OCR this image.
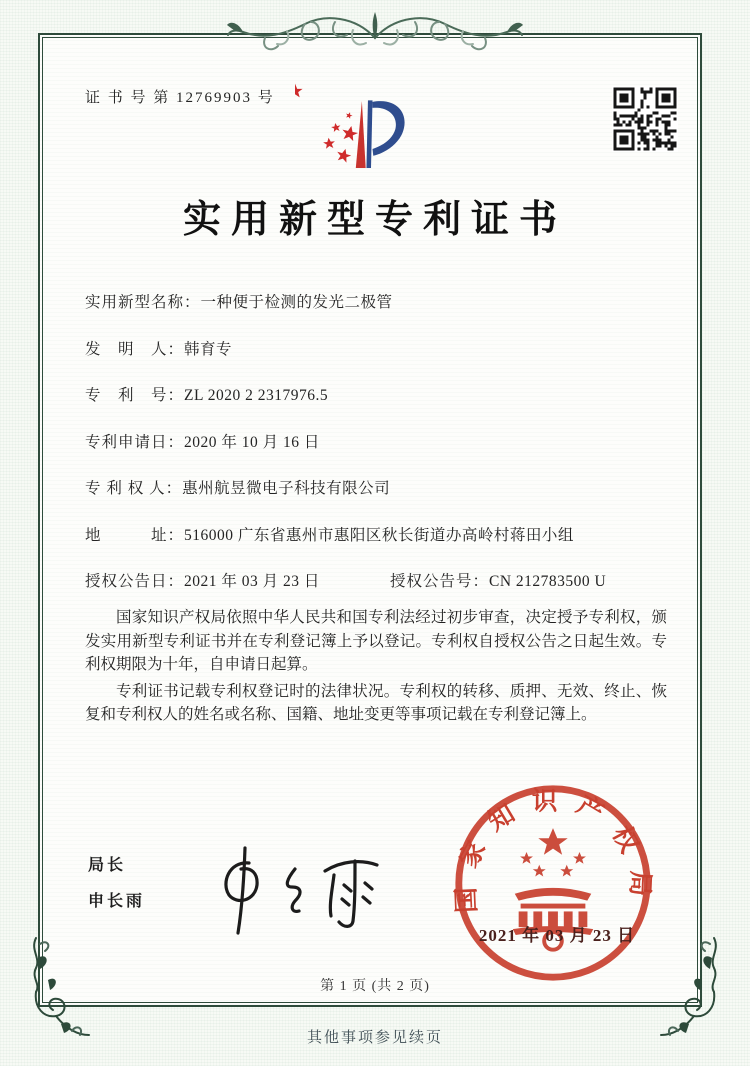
证 书 号 第 12769903 号
实用新型专利证书
实用新型名称：一种便于检测的发光二极管
发　明　人：韩育专
专　利　号：ZL 2020 2 2317976.5
专利申请日：2020 年 10 月 16 日
专 利 权 人：惠州航昱微电子科技有限公司
地　　　址：516000 广东省惠州市惠阳区秋长街道办高岭村蒋田小组
授权公告日：2021 年 03 月 23 日	授权公告号：CN 212783500 U

国家知识产权局依照中华人民共和国专利法经过初步审查，决定授予专利权，颁发实用新型专利证书并在专利登记簿上予以登记。专利权自授权公告之日起生效。专利权期限为十年，自申请日起算。

专利证书记载专利权登记时的法律状况。专利权的转移、质押、无效、终止、恢复和专利权人的姓名或名称、国籍、地址变更等事项记载在专利登记簿上。

局长
申长雨	国家知识产权局
2021 年 03 月 23 日
第 1 页 (共 2 页)
其他事项参见续页
